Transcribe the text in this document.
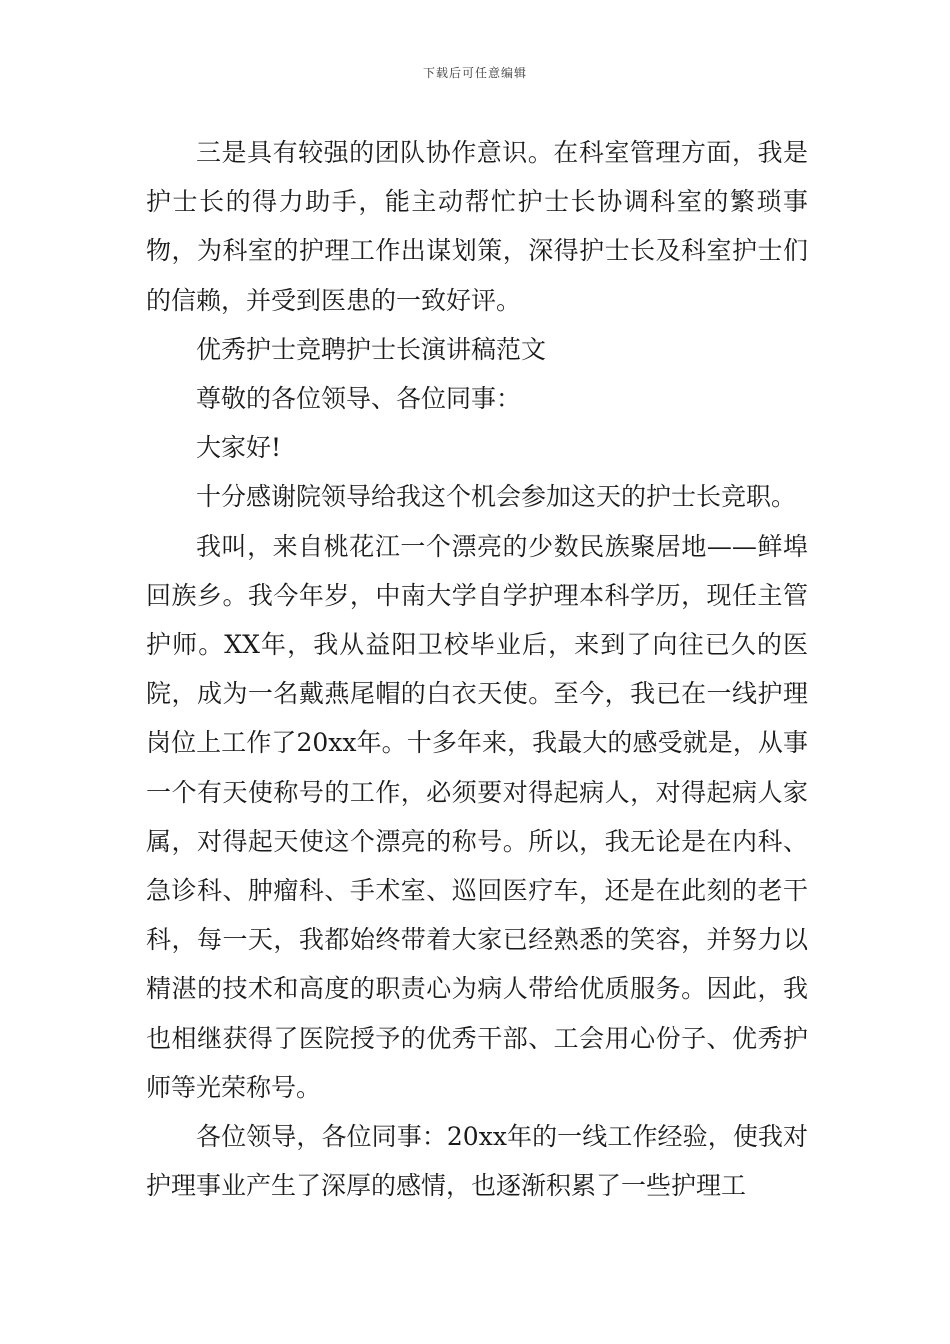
下载后可任意编辑

三是具有较强的团队协作意识。在科室管理方面，我是护士长的得力助手，能主动帮忙护士长协调科室的繁琐事物，为科室的护理工作出谋划策，深得护士长及科室护士们的信赖，并受到医患的一致好评。

优秀护士竞聘护士长演讲稿范文

尊敬的各位领导、各位同事：

大家好!

十分感谢院领导给我这个机会参加这天的护士长竞职。

我叫，来自桃花江一个漂亮的少数民族聚居地——鲜埠回族乡。我今年岁，中南大学自学护理本科学历，现任主管护师。XX年，我从益阳卫校毕业后，来到了向往已久的医院，成为一名戴燕尾帽的白衣天使。至今，我已在一线护理岗位上工作了20xx年。十多年来，我最大的感受就是，从事一个有天使称号的工作，必须要对得起病人，对得起病人家属，对得起天使这个漂亮的称号。所以，我无论是在内科、急诊科、肿瘤科、手术室、巡回医疗车，还是在此刻的老干科，每一天，我都始终带着大家已经熟悉的笑容，并努力以精湛的技术和高度的职责心为病人带给优质服务。因此，我也相继获得了医院授予的优秀干部、工会用心份子、优秀护师等光荣称号。

各位领导，各位同事：20xx年的一线工作经验，使我对护理事业产生了深厚的感情，也逐渐积累了一些护理工
